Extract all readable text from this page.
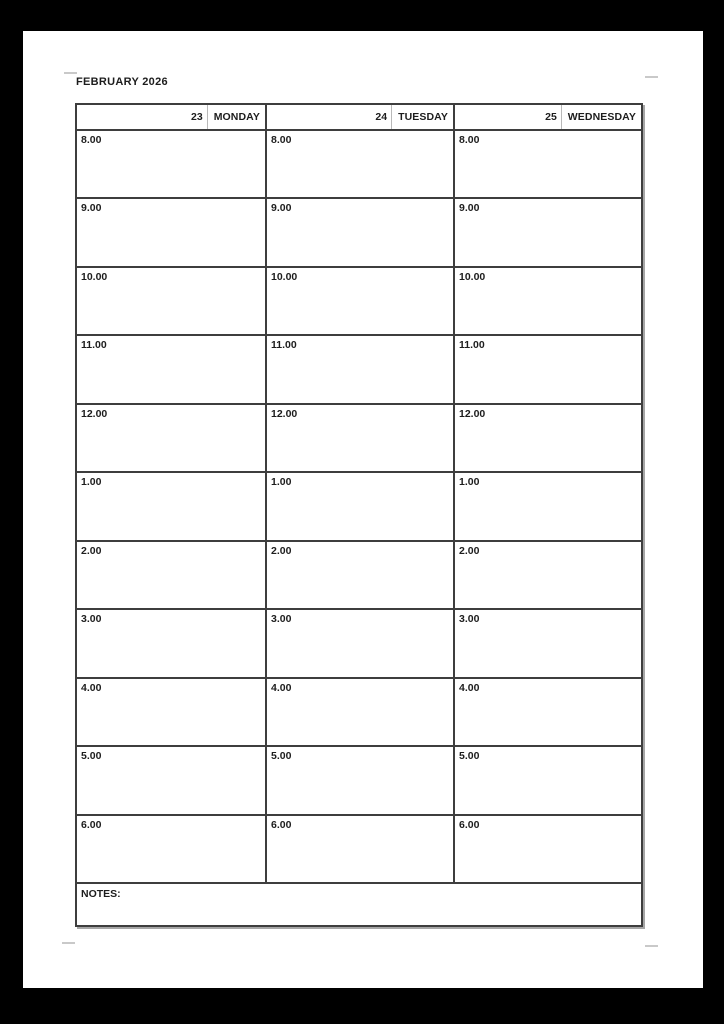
FEBRUARY 2026
23	MONDAY	24	TUESDAY	25	WEDNESDAY
8.00	8.00	8.00
9.00	9.00	9.00
10.00	10.00	10.00
11.00	11.00	11.00
12.00	12.00	12.00
1.00	1.00	1.00
2.00	2.00	2.00
3.00	3.00	3.00
4.00	4.00	4.00
5.00	5.00	5.00
6.00	6.00	6.00
NOTES:
